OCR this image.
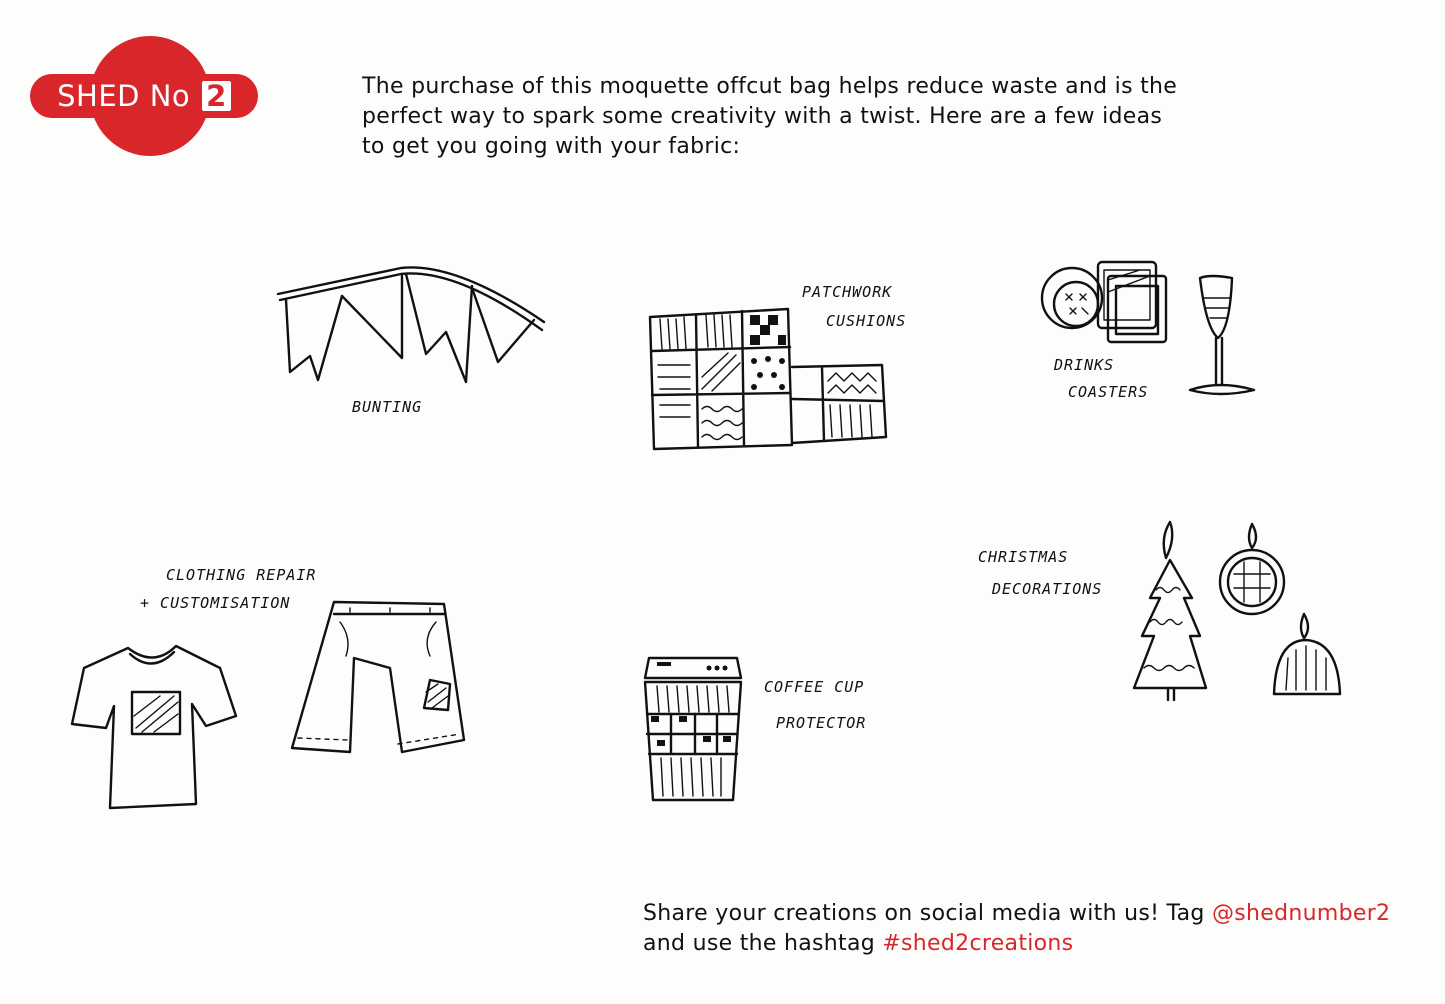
SHED No 2	The purchase of this moquette offcut bag helps reduce waste and is the perfect way to spark some creativity with a twist. Here are a few ideas to get you going with your fabric:
BUNTING
PATCHWORK
CUSHIONS
DRINKS
COASTERS
CLOTHING REPAIR
+ CUSTOMISATION
COFFEE CUP
PROTECTOR
CHRISTMAS
DECORATIONS
Share your creations on social media with us! Tag @shednumber2
and use the hashtag #shed2creations
